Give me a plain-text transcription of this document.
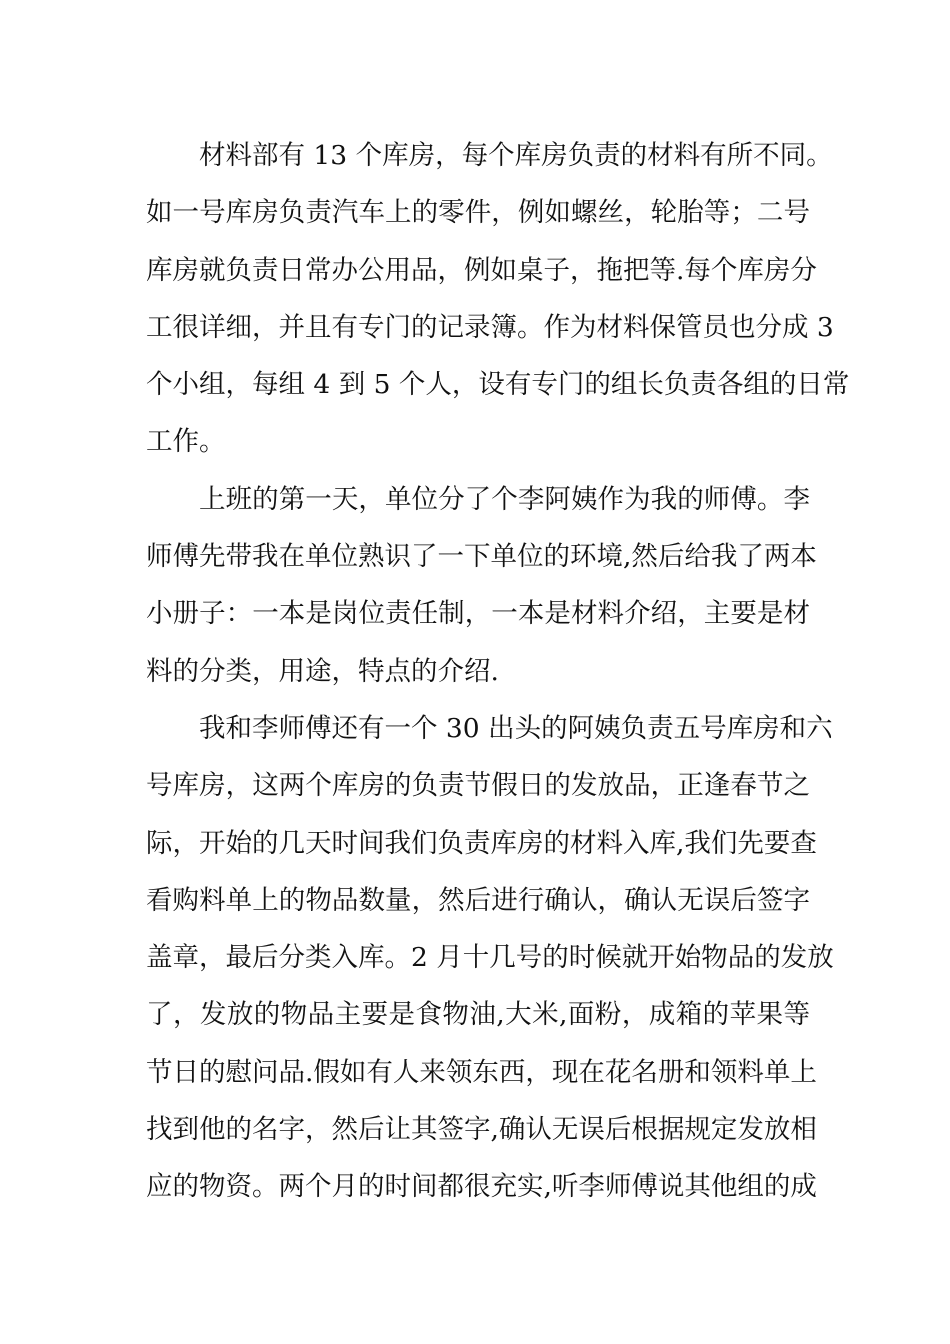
材料部有 13 个库房，每个库房负责的材料有所不同。
如一号库房负责汽车上的零件，例如螺丝，轮胎等；二号
库房就负责日常办公用品，例如桌子，拖把等.每个库房分
工很详细，并且有专门的记录簿。作为材料保管员也分成 3
个小组，每组 4 到 5 个人，设有专门的组长负责各组的日常
工作。
上班的第一天，单位分了个李阿姨作为我的师傅。李
师傅先带我在单位熟识了一下单位的环境,然后给我了两本
小册子：一本是岗位责任制，一本是材料介绍，主要是材
料的分类，用途，特点的介绍.
我和李师傅还有一个 30 出头的阿姨负责五号库房和六
号库房，这两个库房的负责节假日的发放品，正逢春节之
际，开始的几天时间我们负责库房的材料入库,我们先要查
看购料单上的物品数量，然后进行确认，确认无误后签字
盖章，最后分类入库。2 月十几号的时候就开始物品的发放
了，发放的物品主要是食物油,大米,面粉，成箱的苹果等
节日的慰问品.假如有人来领东西，现在花名册和领料单上
找到他的名字，然后让其签字,确认无误后根据规定发放相
应的物资。两个月的时间都很充实,听李师傅说其他组的成
